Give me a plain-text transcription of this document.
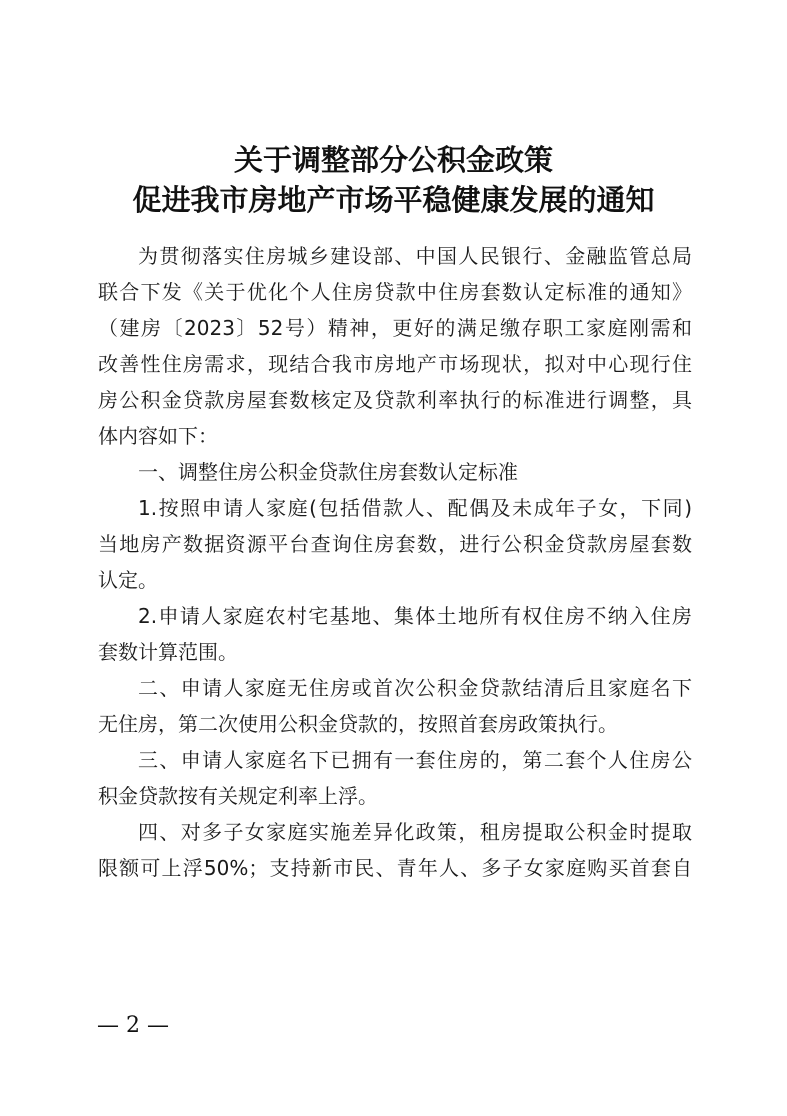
关于调整部分公积金政策
促进我市房地产市场平稳健康发展的通知
为贯彻落实住房城乡建设部、中国人民银行、金融监管总局
联合下发《关于优化个人住房贷款中住房套数认定标准的通知》
（建房〔2023〕52号）精神，更好的满足缴存职工家庭刚需和
改善性住房需求，现结合我市房地产市场现状，拟对中心现行住
房公积金贷款房屋套数核定及贷款利率执行的标准进行调整，具
体内容如下：
一、调整住房公积金贷款住房套数认定标准
1.按照申请人家庭(包括借款人、配偶及未成年子女，下同)
当地房产数据资源平台查询住房套数，进行公积金贷款房屋套数
认定。
2.申请人家庭农村宅基地、集体土地所有权住房不纳入住房
套数计算范围。
二、申请人家庭无住房或首次公积金贷款结清后且家庭名下
无住房，第二次使用公积金贷款的，按照首套房政策执行。
三、申请人家庭名下已拥有一套住房的，第二套个人住房公
积金贷款按有关规定利率上浮。
四、对多子女家庭实施差异化政策，租房提取公积金时提取
限额可上浮50%；支持新市民、青年人、多子女家庭购买首套自
— 2 —
